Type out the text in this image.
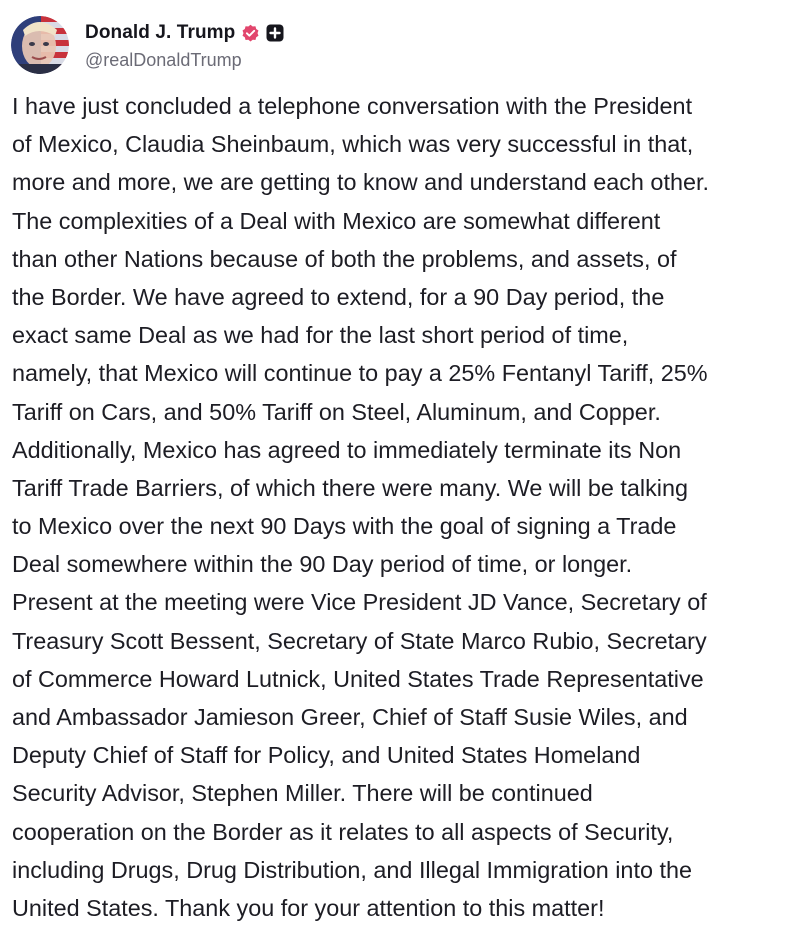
Donald J. Trump
@realDonaldTrump
I have just concluded a telephone conversation with the President
of Mexico, Claudia Sheinbaum, which was very successful in that,
more and more, we are getting to know and understand each other.
The complexities of a Deal with Mexico are somewhat different
than other Nations because of both the problems, and assets, of
the Border. We have agreed to extend, for a 90 Day period, the
exact same Deal as we had for the last short period of time,
namely, that Mexico will continue to pay a 25% Fentanyl Tariff, 25%
Tariff on Cars, and 50% Tariff on Steel, Aluminum, and Copper.
Additionally, Mexico has agreed to immediately terminate its Non
Tariff Trade Barriers, of which there were many. We will be talking
to Mexico over the next 90 Days with the goal of signing a Trade
Deal somewhere within the 90 Day period of time, or longer.
Present at the meeting were Vice President JD Vance, Secretary of
Treasury Scott Bessent, Secretary of State Marco Rubio, Secretary
of Commerce Howard Lutnick, United States Trade Representative
and Ambassador Jamieson Greer, Chief of Staff Susie Wiles, and
Deputy Chief of Staff for Policy, and United States Homeland
Security Advisor, Stephen Miller. There will be continued
cooperation on the Border as it relates to all aspects of Security,
including Drugs, Drug Distribution, and Illegal Immigration into the
United States. Thank you for your attention to this matter!
